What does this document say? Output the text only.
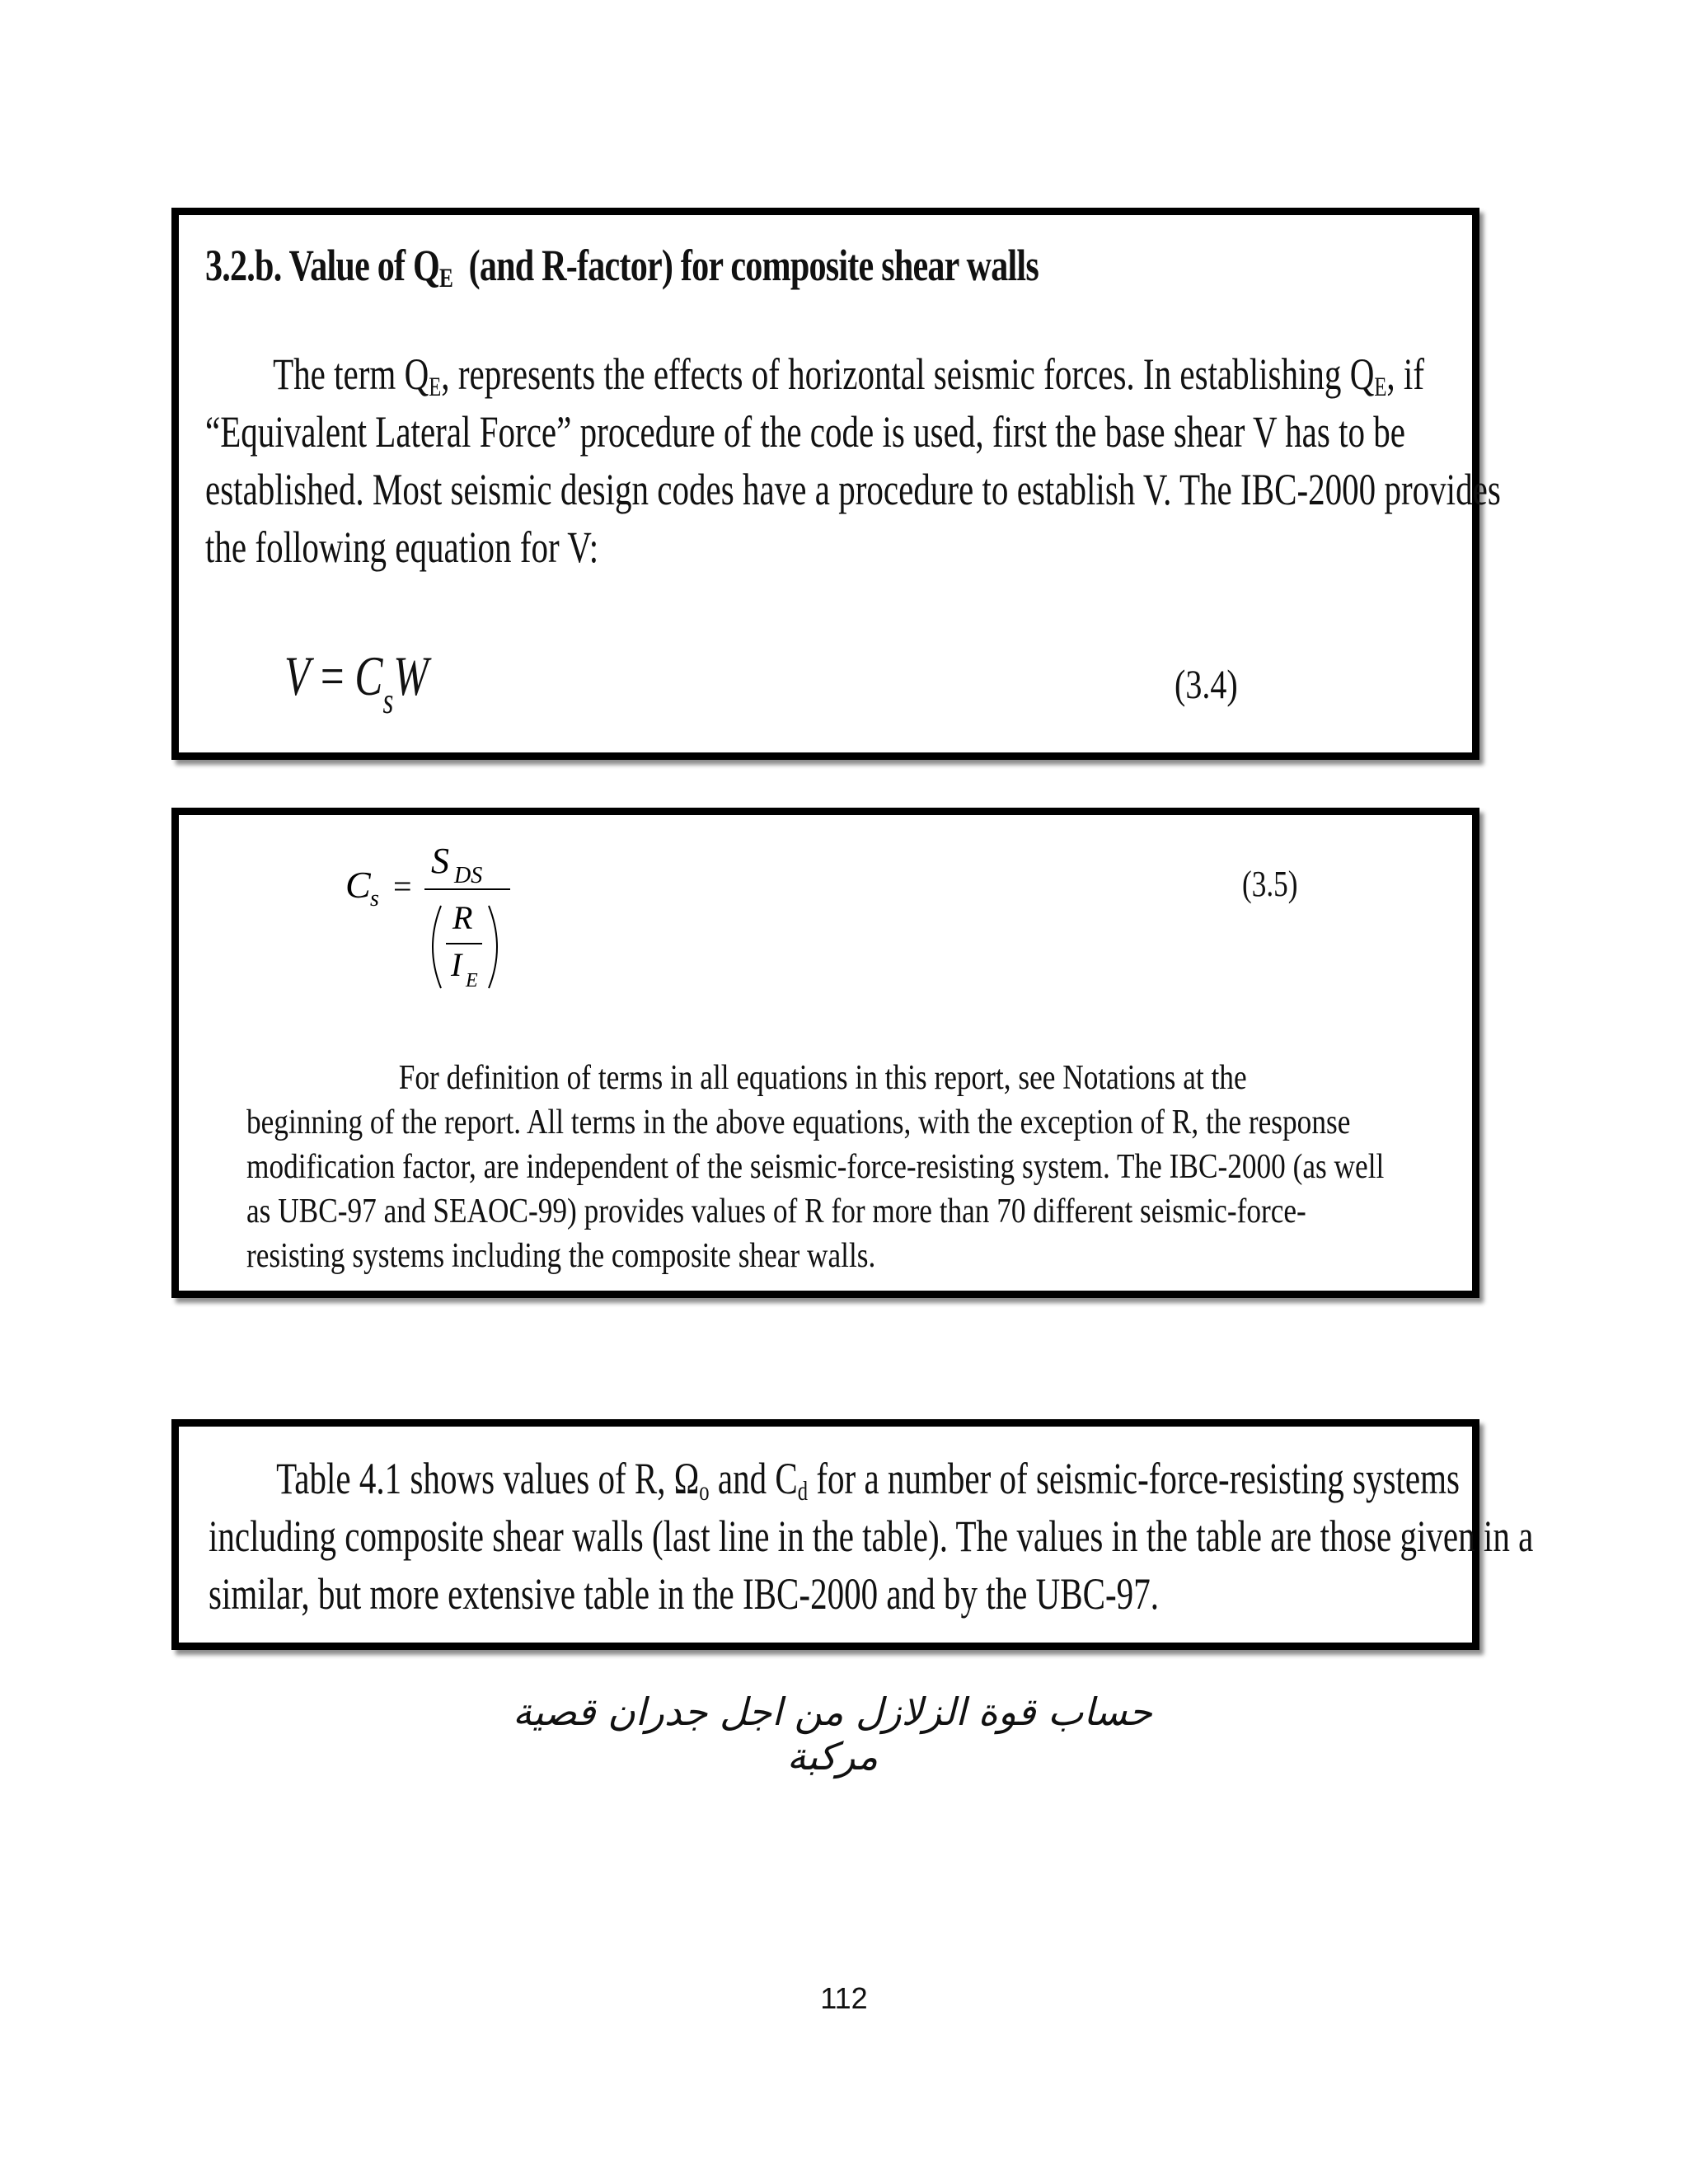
3.2.b. Value of $Q_E$ (and R-factor) for composite shear walls
The term $Q_E$, represents the effects of horizontal seismic forces. In establishing $Q_E$, if
“Equivalent Lateral Force” procedure of the code is used, first the base shear V has to be
established. Most seismic design codes have a procedure to establish V. The IBC-2000 provides
the following equation for V:
$V = C_sW$	(3.4)
C s =
S DS
R
I E
(3.5)
For definition of terms in all equations in this report, see Notations at the
beginning of the report. All terms in the above equations, with the exception of R, the response
modification factor, are independent of the seismic-force-resisting system. The IBC-2000 (as well
as UBC-97 and SEAOC-99) provides values of R for more than 70 different seismic-force-
resisting systems including the composite shear walls.
Table 4.1 shows values of R, $\Omega_o$ and $C_d$ for a number of seismic-force-resisting systems
including composite shear walls (last line in the table). The values in the table are those given in a
similar, but more extensive table in the IBC-2000 and by the UBC-97.
حساب قوة الزلازل من اجل جدران قصية مركبة
112
